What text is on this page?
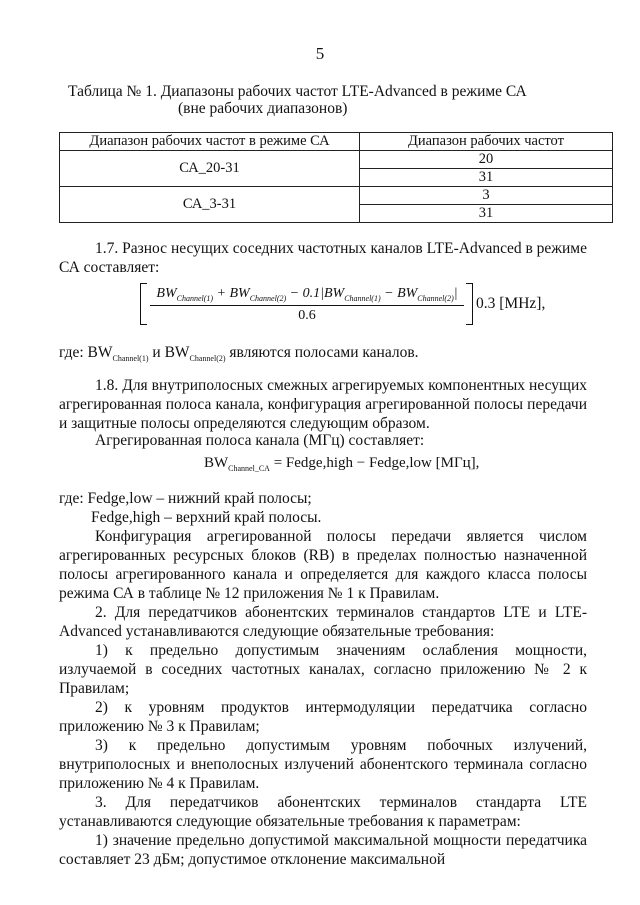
5
Таблица № 1. Диапазоны рабочих частот LTE-Advanced в режиме СА
(вне рабочих диапазонов)
Диапазон рабочих частот в режиме СА	Диапазон рабочих частот
СА_20-31	20
	31
СА_3-31	3
	31
1.7. Разнос несущих соседних частотных каналов LTE-Advanced в режиме СА составляет:
$BW_{Channel(1)} + BW_{Channel(2)} - 0.1|BW_{Channel(1)} - BW_{Channel(2)}|$
0.6
0.3 [MHz],
где: $BW_{Channel(1)}$ и $BW_{Channel(2)}$ являются полосами каналов.
1.8. Для внутриполосных смежных агрегируемых компонентных несущих агрегированная полоса канала, конфигурация агрегированной полосы передачи и защитные полосы определяются следующим образом.
Агрегированная полоса канала (МГц) составляет:
$BW_{Channel\_CA}$ = Fedge,high − Fedge,low [МГц],
где: Fedge,low – нижний край полосы;
Fedge,high – верхний край полосы.
Конфигурация агрегированной полосы передачи является числом агрегированных ресурсных блоков (RB) в пределах полностью назначенной полосы агрегированного канала и определяется для каждого класса полосы режима СА в таблице № 12 приложения № 1 к Правилам.
2. Для передатчиков абонентских терминалов стандартов LTE и LTE-Advanced устанавливаются следующие обязательные требования:
1) к предельно допустимым значениям ослабления мощности, излучаемой в соседних частотных каналах, согласно приложению № 2 к Правилам;
2) к уровням продуктов интермодуляции передатчика согласно приложению № 3 к Правилам;
3) к предельно допустимым уровням побочных излучений, внутриполосных и внеполосных излучений абонентского терминала согласно приложению № 4 к Правилам.
3. Для передатчиков абонентских терминалов стандарта LTE устанавливаются следующие обязательные требования к параметрам:
1) значение предельно допустимой максимальной мощности передатчика составляет 23 дБм; допустимое отклонение максимальной
